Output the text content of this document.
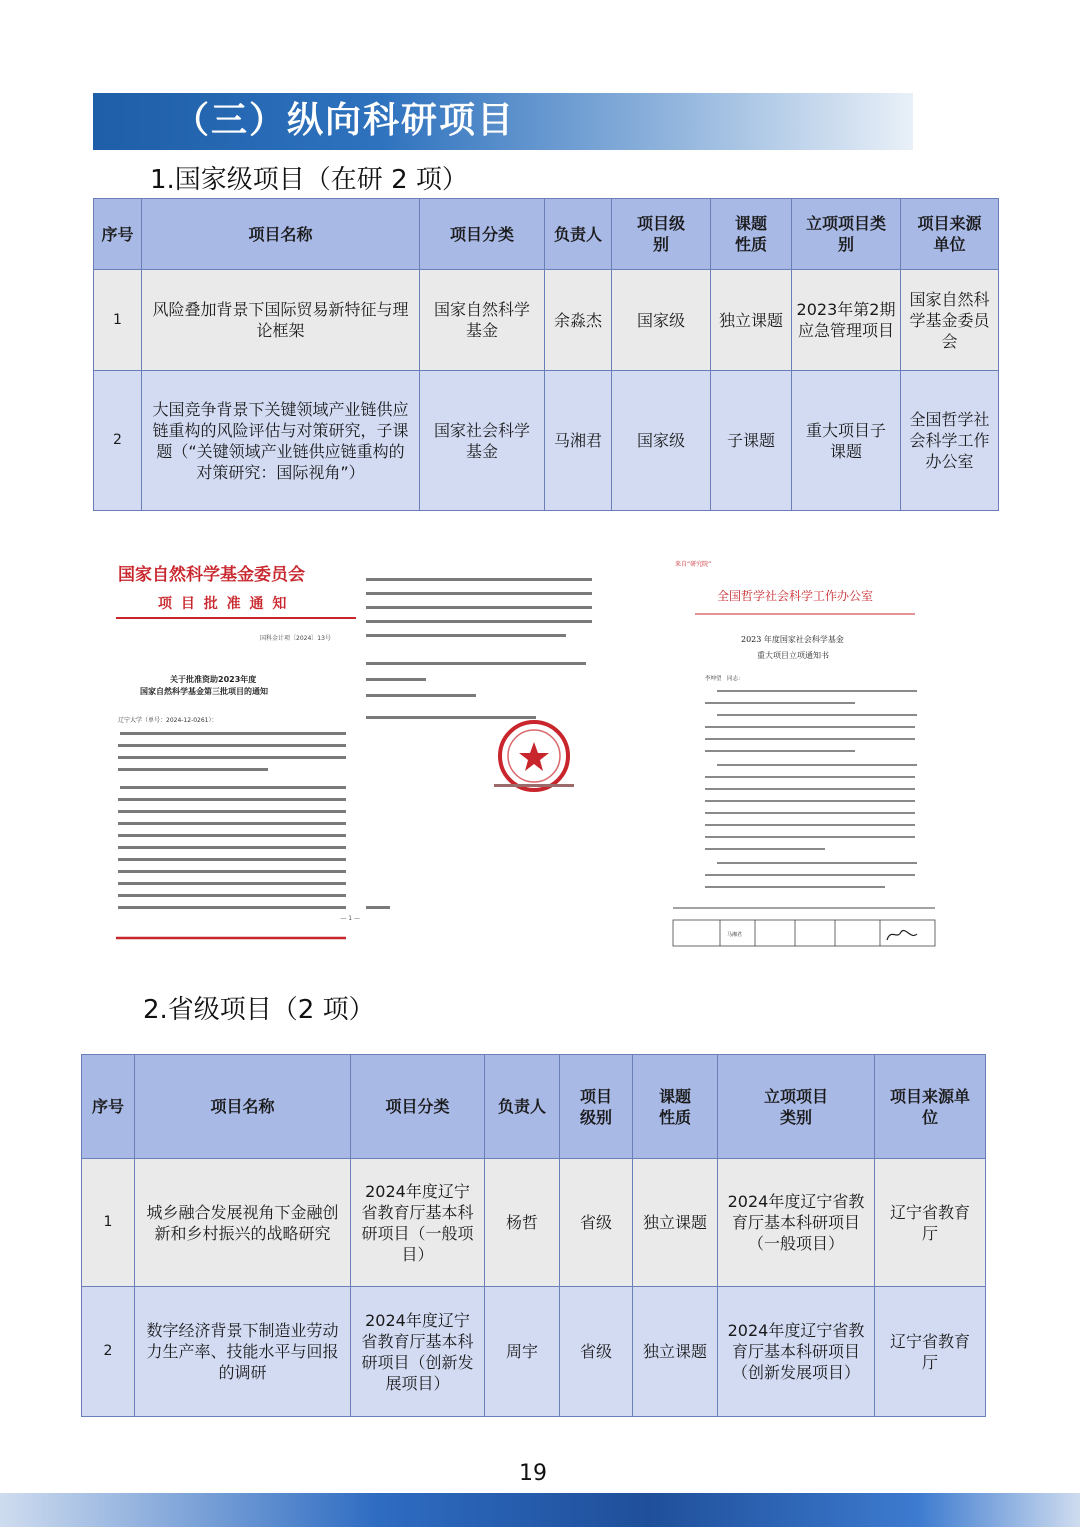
（三）纵向科研项目
1.国家级项目（在研 2 项）
序号	项目名称	项目分类	负责人	项目级别	课题性质	立项项目类别	项目来源单位
1	风险叠加背景下国际贸易新特征与理论框架	国家自然科学基金	余淼杰	国家级	独立课题	2023年第2期应急管理项目	国家自然科学基金委员会
2	大国竞争背景下关键领域产业链供应链重构的风险评估与对策研究，子课题（“关键领域产业链供应链重构的对策研究：国际视角”）	国家社会科学基金	马湘君	国家级	子课题	重大项目子课题	全国哲学社会科学工作办公室
国家自然科学基金委员会
项 目 批 准 通 知
国科金计项〔2024〕13号
关于批准资助2023年度
国家自然科学基金第三批项目的通知
辽宁大学（单号：2024-12-0261）：
— 1 —
来自“研究院”
全国哲学社会科学工作办公室
2023 年度国家社会科学基金
重大项目立项通知书
李坤望　同志：
马湘君
2.省级项目（2 项）
序号	项目名称	项目分类	负责人	项目级别	课题性质	立项项目类别	项目来源单位
1	城乡融合发展视角下金融创新和乡村振兴的战略研究	2024年度辽宁省教育厅基本科研项目（一般项目）	杨哲	省级	独立课题	2024年度辽宁省教育厅基本科研项目（一般项目）	辽宁省教育厅
2	数字经济背景下制造业劳动力生产率、技能水平与回报的调研	2024年度辽宁省教育厅基本科研项目（创新发展项目）	周宇	省级	独立课题	2024年度辽宁省教育厅基本科研项目（创新发展项目）	辽宁省教育厅
19
